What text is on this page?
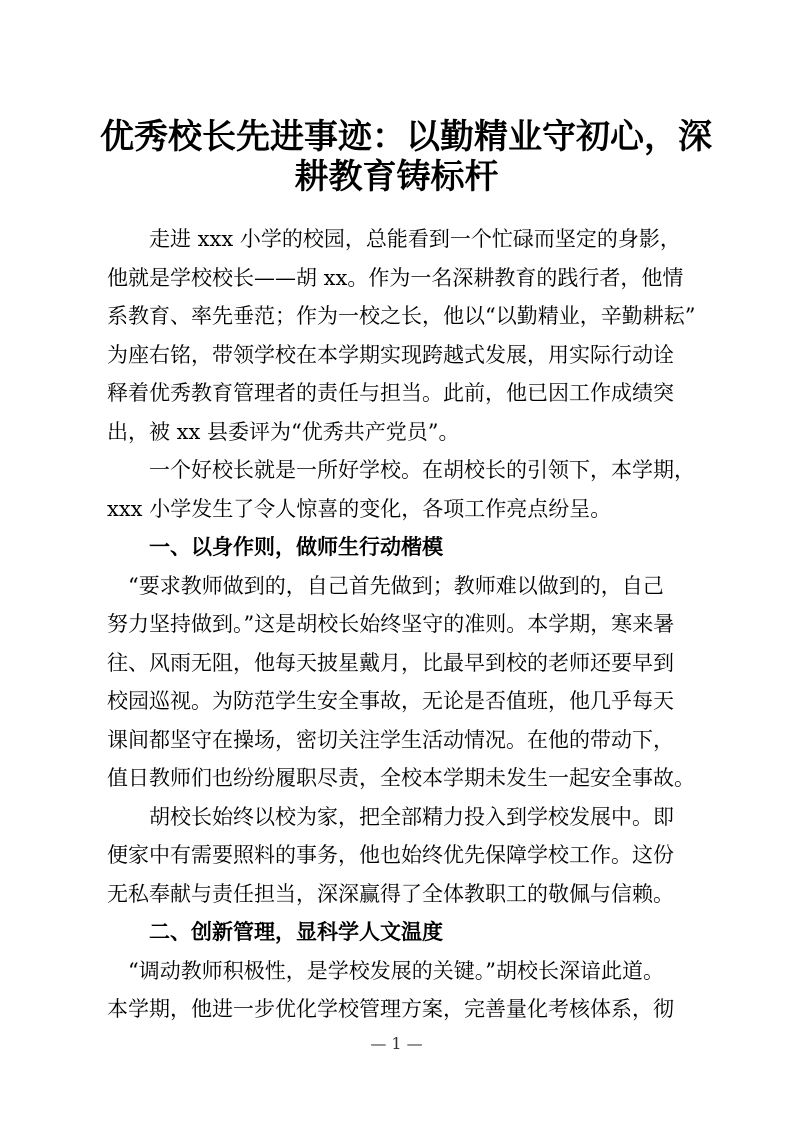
优秀校长先进事迹：以勤精业守初心，深
耕教育铸标杆
　　走进 xxx 小学的校园，总能看到一个忙碌而坚定的身影，
他就是学校校长——胡 xx。作为一名深耕教育的践行者，他情
系教育、率先垂范；作为一校之长，他以“以勤精业，辛勤耕耘”
为座右铭，带领学校在本学期实现跨越式发展，用实际行动诠
释着优秀教育管理者的责任与担当。此前，他已因工作成绩突
出，被 xx 县委评为“优秀共产党员”。
　　一个好校长就是一所好学校。在胡校长的引领下，本学期，
xxx 小学发生了令人惊喜的变化，各项工作亮点纷呈。
一、以身作则，做师生行动楷模
　“要求教师做到的，自己首先做到；教师难以做到的，自己
努力坚持做到。”这是胡校长始终坚守的准则。本学期，寒来暑
往、风雨无阻，他每天披星戴月，比最早到校的老师还要早到
校园巡视。为防范学生安全事故，无论是否值班，他几乎每天
课间都坚守在操场，密切关注学生活动情况。在他的带动下，
值日教师们也纷纷履职尽责，全校本学期未发生一起安全事故。
　　胡校长始终以校为家，把全部精力投入到学校发展中。即
便家中有需要照料的事务，他也始终优先保障学校工作。这份
无私奉献与责任担当，深深赢得了全体教职工的敬佩与信赖。
二、创新管理，显科学人文温度
— 1 —
　“调动教师积极性，是学校发展的关键。”胡校长深谙此道。
本学期，他进一步优化学校管理方案，完善量化考核体系，彻
